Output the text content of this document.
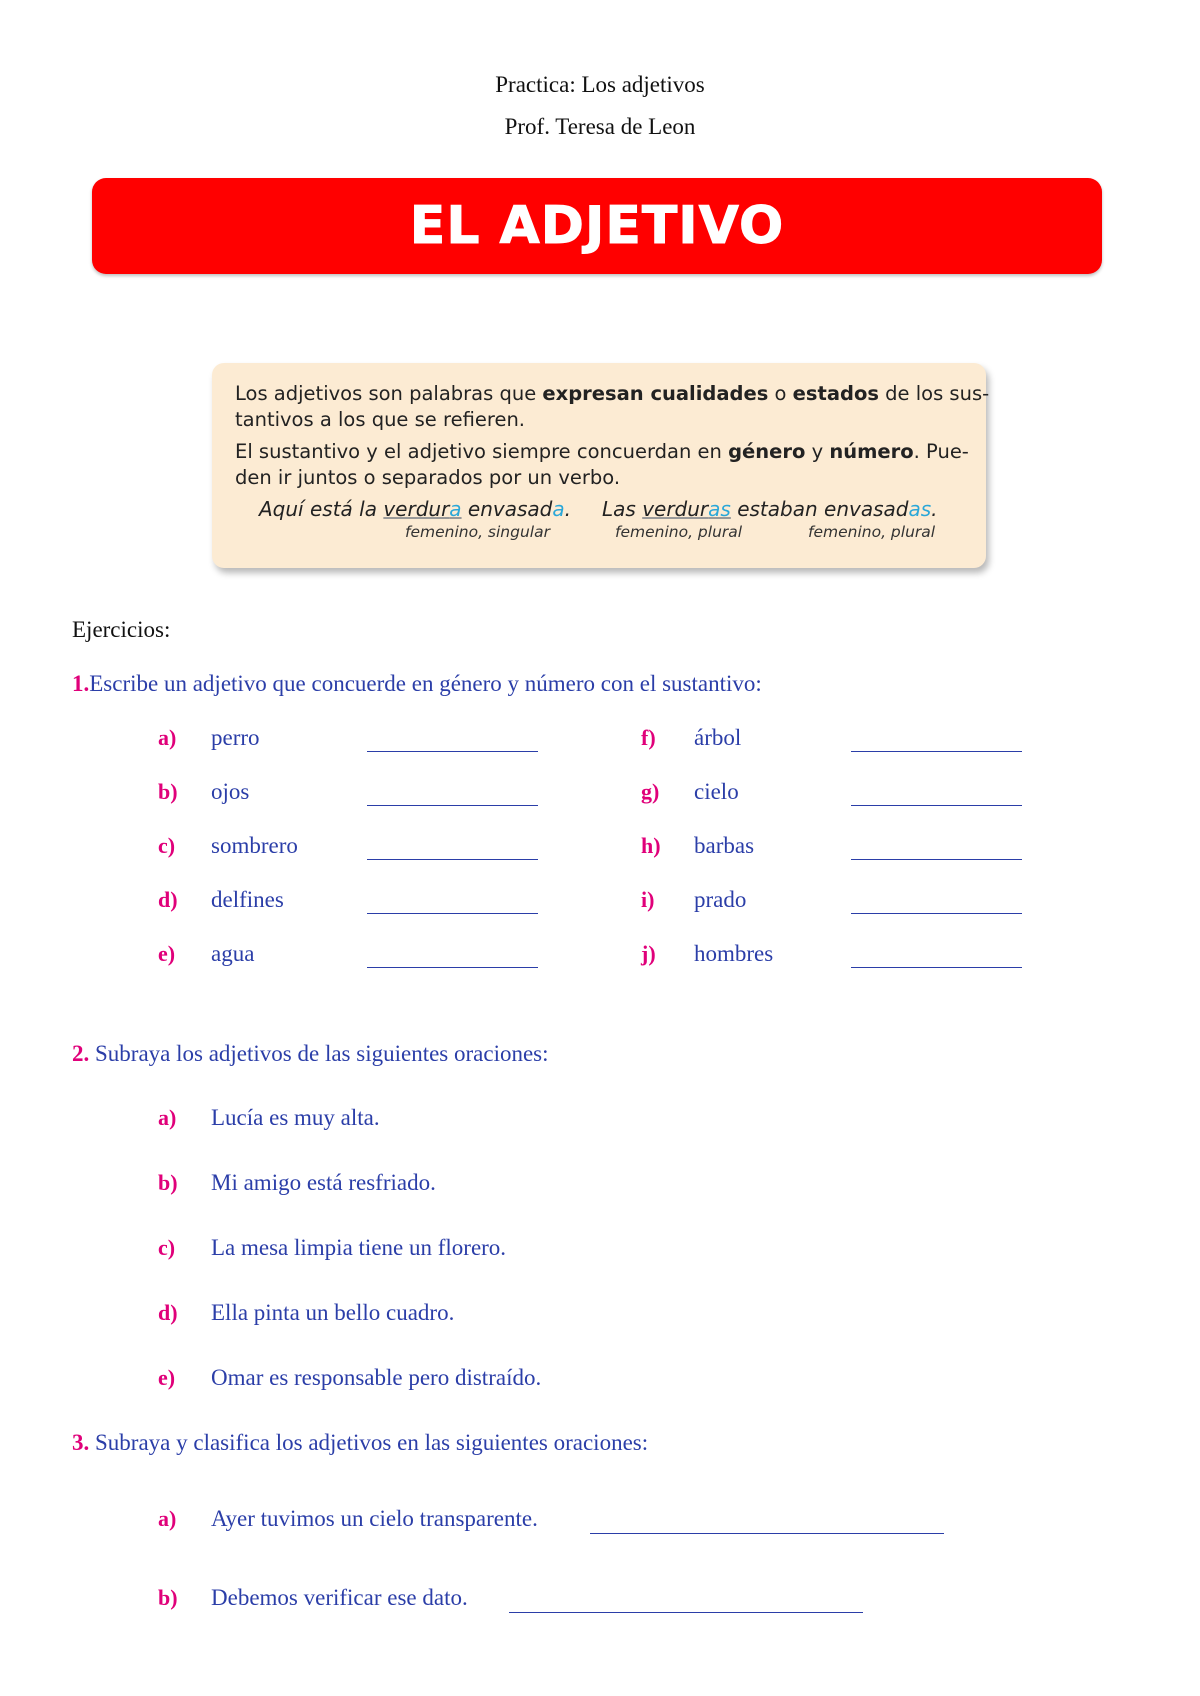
Practica: Los adjetivos
Prof. Teresa de Leon
EL ADJETIVO
Los adjetivos son palabras que expresan cualidades o estados de los sus-
tantivos a los que se refieren.
El sustantivo y el adjetivo siempre concuerdan en género y número. Pue-
den ir juntos o separados por un verbo.
Aquí está la verdura envasada. Las verduras estaban envasadas.
femenino, singular	femenino, plural	femenino, plural
Ejercicios:
1.Escribe un adjetivo que concuerde en género y número con el sustantivo:
a) perro
b) ojos
c) sombrero
d) delfines
e) agua
f) árbol
g) cielo
h) barbas
i) prado
j) hombres
2. Subraya los adjetivos de las siguientes oraciones:
a) Lucía es muy alta.
b) Mi amigo está resfriado.
c) La mesa limpia tiene un florero.
d) Ella pinta un bello cuadro.
e) Omar es responsable pero distraído.
3. Subraya y clasifica los adjetivos en las siguientes oraciones:
a) Ayer tuvimos un cielo transparente.
b) Debemos verificar ese dato.
